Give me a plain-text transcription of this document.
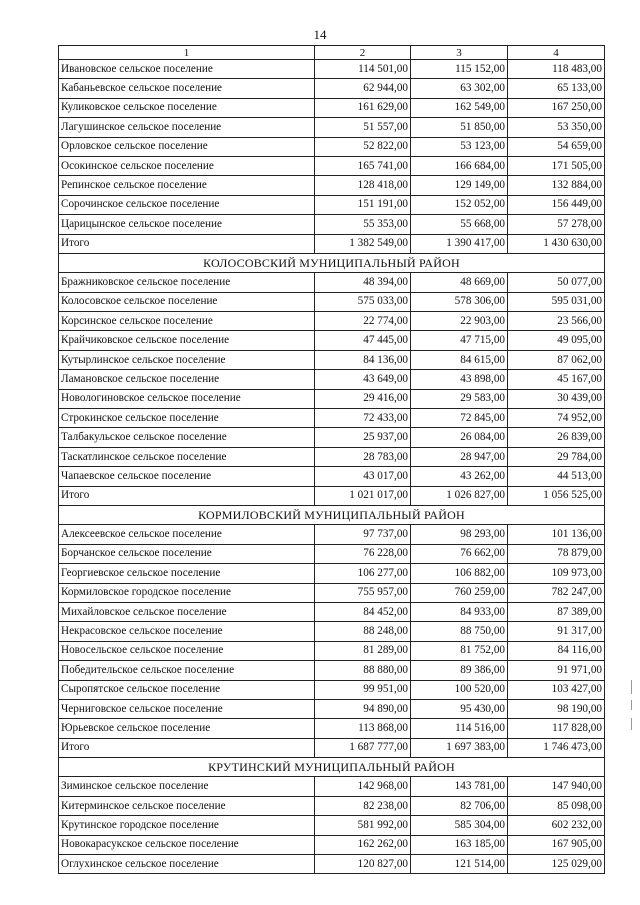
14
1	2	3	4
Ивановское сельское поселение	114 501,00	115 152,00	118 483,00
Кабаньевское сельское поселение	62 944,00	63 302,00	65 133,00
Куликовское сельское поселение	161 629,00	162 549,00	167 250,00
Лагушинское сельское поселение	51 557,00	51 850,00	53 350,00
Орловское сельское поселение	52 822,00	53 123,00	54 659,00
Осокинское сельское поселение	165 741,00	166 684,00	171 505,00
Репинское сельское поселение	128 418,00	129 149,00	132 884,00
Сорочинское сельское поселение	151 191,00	152 052,00	156 449,00
Царицынское сельское поселение	55 353,00	55 668,00	57 278,00
Итого	1 382 549,00	1 390 417,00	1 430 630,00
КОЛОСОВСКИЙ МУНИЦИПАЛЬНЫЙ РАЙОН			
Бражниковское сельское поселение	48 394,00	48 669,00	50 077,00
Колосовское сельское поселение	575 033,00	578 306,00	595 031,00
Корсинское сельское поселение	22 774,00	22 903,00	23 566,00
Крайчиковское сельское поселение	47 445,00	47 715,00	49 095,00
Кутырлинское сельское поселение	84 136,00	84 615,00	87 062,00
Ламановское сельское поселение	43 649,00	43 898,00	45 167,00
Новологиновское сельское поселение	29 416,00	29 583,00	30 439,00
Строкинское сельское поселение	72 433,00	72 845,00	74 952,00
Талбакульское сельское поселение	25 937,00	26 084,00	26 839,00
Таскатлинское сельское поселение	28 783,00	28 947,00	29 784,00
Чапаевское сельское поселение	43 017,00	43 262,00	44 513,00
Итого	1 021 017,00	1 026 827,00	1 056 525,00
КОРМИЛОВСКИЙ МУНИЦИПАЛЬНЫЙ РАЙОН			
Алексеевское сельское поселение	97 737,00	98 293,00	101 136,00
Борчанское сельское поселение	76 228,00	76 662,00	78 879,00
Георгиевское сельское поселение	106 277,00	106 882,00	109 973,00
Кормиловское городское поселение	755 957,00	760 259,00	782 247,00
Михайловское сельское поселение	84 452,00	84 933,00	87 389,00
Некрасовское сельское поселение	88 248,00	88 750,00	91 317,00
Новосельское сельское поселение	81 289,00	81 752,00	84 116,00
Победительское сельское поселение	88 880,00	89 386,00	91 971,00
Сыропятское сельское поселение	99 951,00	100 520,00	103 427,00
Черниговское сельское поселение	94 890,00	95 430,00	98 190,00
Юрьевское сельское поселение	113 868,00	114 516,00	117 828,00
Итого	1 687 777,00	1 697 383,00	1 746 473,00
КРУТИНСКИЙ МУНИЦИПАЛЬНЫЙ РАЙОН			
Зиминское сельское поселение	142 968,00	143 781,00	147 940,00
Китерминское сельское поселение	82 238,00	82 706,00	85 098,00
Крутинское городское поселение	581 992,00	585 304,00	602 232,00
Новокарасукское сельское поселение	162 262,00	163 185,00	167 905,00
Оглухинское сельское поселение	120 827,00	121 514,00	125 029,00
